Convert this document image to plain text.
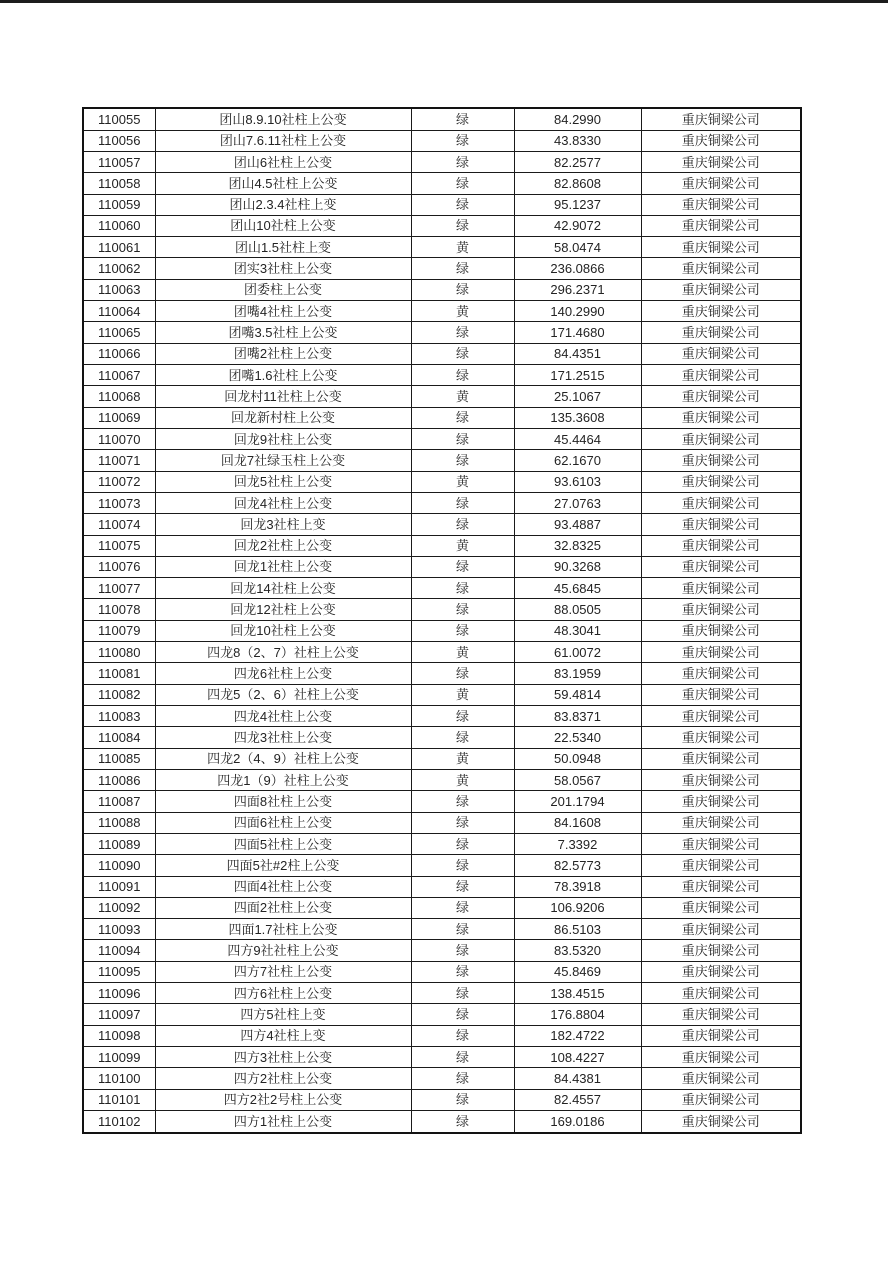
110055	团山8.9.10社柱上公变	绿	84.2990	重庆铜梁公司
110056	团山7.6.11社柱上公变	绿	43.8330	重庆铜梁公司
110057	团山6社柱上公变	绿	82.2577	重庆铜梁公司
110058	团山4.5社柱上公变	绿	82.8608	重庆铜梁公司
110059	团山2.3.4社柱上变	绿	95.1237	重庆铜梁公司
110060	团山10社柱上公变	绿	42.9072	重庆铜梁公司
110061	团山1.5社柱上变	黄	58.0474	重庆铜梁公司
110062	团实3社柱上公变	绿	236.0866	重庆铜梁公司
110063	团委柱上公变	绿	296.2371	重庆铜梁公司
110064	团嘴4社柱上公变	黄	140.2990	重庆铜梁公司
110065	团嘴3.5社柱上公变	绿	171.4680	重庆铜梁公司
110066	团嘴2社柱上公变	绿	84.4351	重庆铜梁公司
110067	团嘴1.6社柱上公变	绿	171.2515	重庆铜梁公司
110068	回龙村11社柱上公变	黄	25.1067	重庆铜梁公司
110069	回龙新村柱上公变	绿	135.3608	重庆铜梁公司
110070	回龙9社柱上公变	绿	45.4464	重庆铜梁公司
110071	回龙7社绿玉柱上公变	绿	62.1670	重庆铜梁公司
110072	回龙5社柱上公变	黄	93.6103	重庆铜梁公司
110073	回龙4社柱上公变	绿	27.0763	重庆铜梁公司
110074	回龙3社柱上变	绿	93.4887	重庆铜梁公司
110075	回龙2社柱上公变	黄	32.8325	重庆铜梁公司
110076	回龙1社柱上公变	绿	90.3268	重庆铜梁公司
110077	回龙14社柱上公变	绿	45.6845	重庆铜梁公司
110078	回龙12社柱上公变	绿	88.0505	重庆铜梁公司
110079	回龙10社柱上公变	绿	48.3041	重庆铜梁公司
110080	四龙8（2、7）社柱上公变	黄	61.0072	重庆铜梁公司
110081	四龙6社柱上公变	绿	83.1959	重庆铜梁公司
110082	四龙5（2、6）社柱上公变	黄	59.4814	重庆铜梁公司
110083	四龙4社柱上公变	绿	83.8371	重庆铜梁公司
110084	四龙3社柱上公变	绿	22.5340	重庆铜梁公司
110085	四龙2（4、9）社柱上公变	黄	50.0948	重庆铜梁公司
110086	四龙1（9）社柱上公变	黄	58.0567	重庆铜梁公司
110087	四面8社柱上公变	绿	201.1794	重庆铜梁公司
110088	四面6社柱上公变	绿	84.1608	重庆铜梁公司
110089	四面5社柱上公变	绿	7.3392	重庆铜梁公司
110090	四面5社#2柱上公变	绿	82.5773	重庆铜梁公司
110091	四面4社柱上公变	绿	78.3918	重庆铜梁公司
110092	四面2社柱上公变	绿	106.9206	重庆铜梁公司
110093	四面1.7社柱上公变	绿	86.5103	重庆铜梁公司
110094	四方9社社柱上公变	绿	83.5320	重庆铜梁公司
110095	四方7社柱上公变	绿	45.8469	重庆铜梁公司
110096	四方6社柱上公变	绿	138.4515	重庆铜梁公司
110097	四方5社柱上变	绿	176.8804	重庆铜梁公司
110098	四方4社柱上变	绿	182.4722	重庆铜梁公司
110099	四方3社柱上公变	绿	108.4227	重庆铜梁公司
110100	四方2社柱上公变	绿	84.4381	重庆铜梁公司
110101	四方2社2号柱上公变	绿	82.4557	重庆铜梁公司
110102	四方1社柱上公变	绿	169.0186	重庆铜梁公司
